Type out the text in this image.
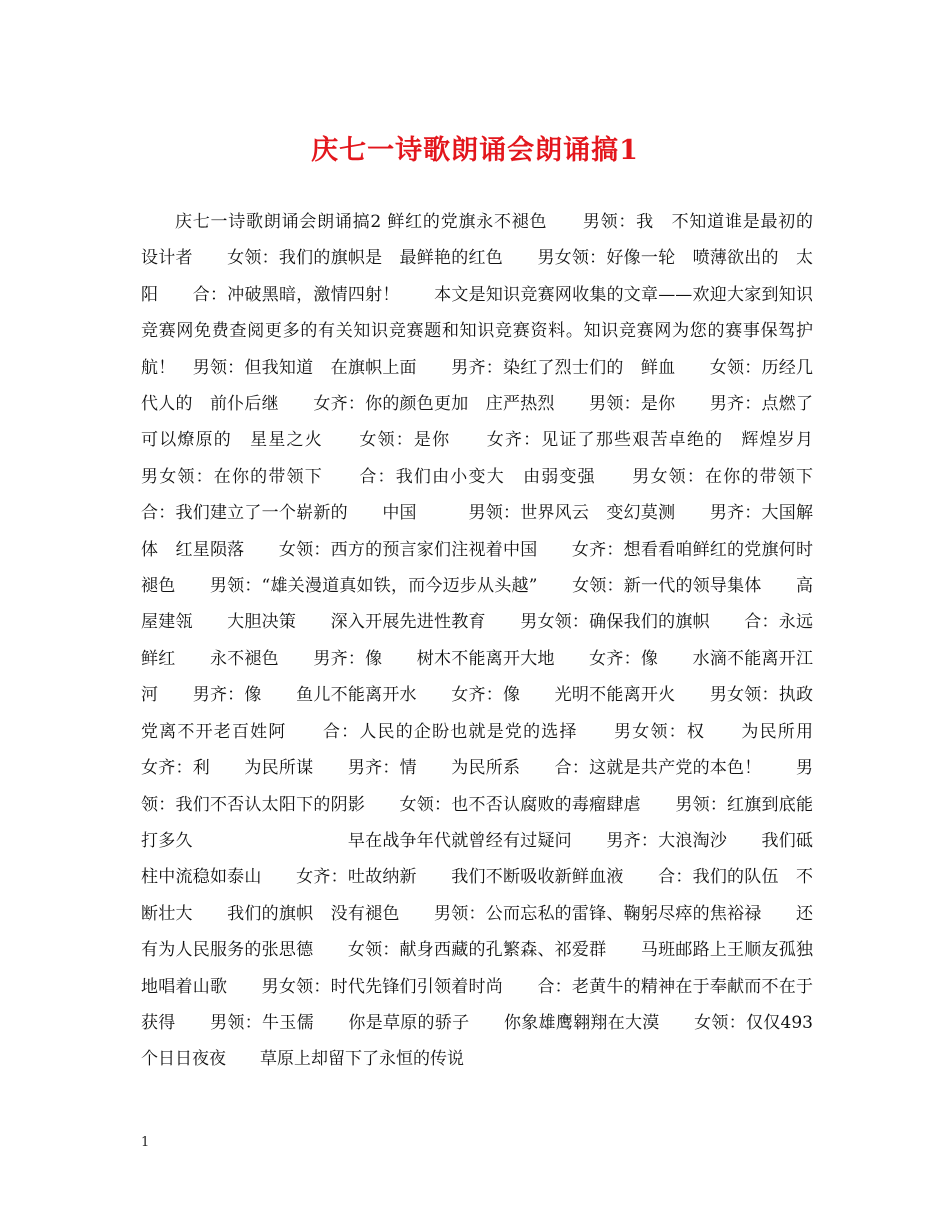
庆七一诗歌朗诵会朗诵搞1
庆七一诗歌朗诵会朗诵搞2 鲜红的党旗永不褪色　　男领：我　不知道谁是最初的　设计者　　女领：我们的旗帜是　最鲜艳的红色　　男女领：好像一轮　喷薄欲出的　太阳　　合：冲破黑暗，激情四射！　　本文是知识竞赛网收集的文章——欢迎大家到知识竞赛网免费查阅更多的有关知识竞赛题和知识竞赛资料。知识竞赛网为您的赛事保驾护航！　男领：但我知道　在旗帜上面　　男齐：染红了烈士们的　鲜血　　女领：历经几代人的　前仆后继　　女齐：你的颜色更加　庄严热烈　　男领：是你　　男齐：点燃了可以燎原的　星星之火　　女领：是你　　女齐：见证了那些艰苦卓绝的　辉煌岁月　　男女领：在你的带领下　　合：我们由小变大　由弱变强　　男女领：在你的带领下　　合：我们建立了一个崭新的　　中国　　　男领：世界风云　变幻莫测　　男齐：大国解体　红星陨落　　女领：西方的预言家们注视着中国　　女齐：想看看咱鲜红的党旗何时褪色　　男领：“雄关漫道真如铁，而今迈步从头越”　　女领：新一代的领导集体　　高屋建瓴　　大胆决策　　深入开展先进性教育　　男女领：确保我们的旗帜　　合：永远鲜红　　永不褪色　　男齐：像　　树木不能离开大地　　女齐：像　　水滴不能离开江河　　男齐：像　　鱼儿不能离开水　　女齐：像　　光明不能离开火　　男女领：执政党离不开老百姓阿　　合：人民的企盼也就是党的选择　　男女领：权　　为民所用　　女齐：利　　为民所谋　　男齐：情　　为民所系　　合：这就是共产党的本色！　　男领：我们不否认太阳下的阴影　　女领：也不否认腐败的毒瘤肆虐　　男领：红旗到底能打多久　　　　　　　　　早在战争年代就曾经有过疑问　　男齐：大浪淘沙　　我们砥柱中流稳如泰山　　女齐：吐故纳新　　我们不断吸收新鲜血液　　合：我们的队伍　不断壮大　　我们的旗帜　没有褪色　　男领：公而忘私的雷锋、鞠躬尽瘁的焦裕禄　　还有为人民服务的张思德　　女领：献身西藏的孔繁森、祁爱群　　马班邮路上王顺友孤独地唱着山歌　　男女领：时代先锋们引领着时尚　　合：老黄牛的精神在于奉献而不在于获得　　男领：牛玉儒　　你是草原的骄子　　你象雄鹰翱翔在大漠　　女领：仅仅493个日日夜夜　　草原上却留下了永恒的传说
1
